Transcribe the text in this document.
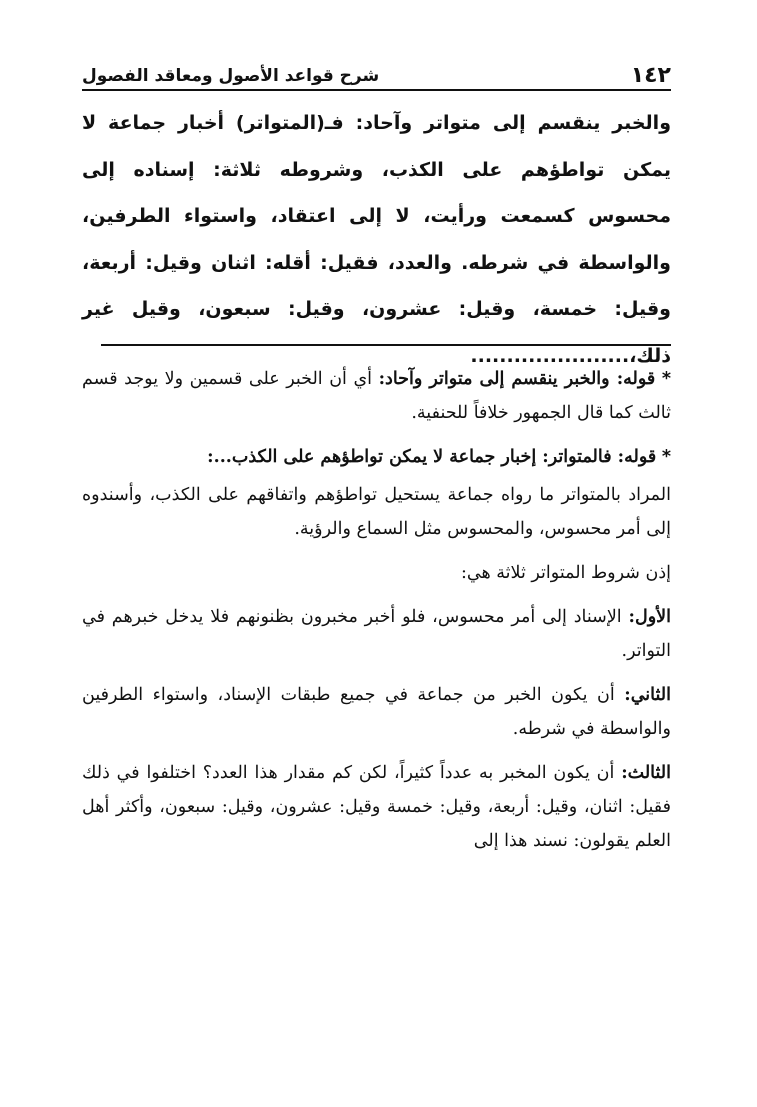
١٤٢
شرح قواعد الأصول ومعاقد الفصول

والخبر ينقسم إلى متواتر وآحاد: فـ(المتواتر) أخبار جماعة لا يمكن تواطؤهم على الكذب، وشروطه ثلاثة: إسناده إلى محسوس كسمعت ورأيت، لا إلى اعتقاد، واستواء الطرفين، والواسطة في شرطه. والعدد، فقيل: أقله: اثنان وقيل: أربعة، وقيل: خمسة، وقيل: عشرون، وقيل: سبعون، وقيل غير ذلك،......................

* قوله: والخبر ينقسم إلى متواتر وآحاد: أي أن الخبر على قسمين ولا يوجد قسم ثالث كما قال الجمهور خلافاً للحنفية.

* قوله: فالمتواتر: إخبار جماعة لا يمكن تواطؤهم على الكذب...:

المراد بالمتواتر ما رواه جماعة يستحيل تواطؤهم واتفاقهم على الكذب، وأسندوه إلى أمر محسوس، والمحسوس مثل السماع والرؤية.

إذن شروط المتواتر ثلاثة هي:

الأول: الإسناد إلى أمر محسوس، فلو أخبر مخبرون بظنونهم فلا يدخل خبرهم في التواتر.

الثاني: أن يكون الخبر من جماعة في جميع طبقات الإسناد، واستواء الطرفين والواسطة في شرطه.

الثالث: أن يكون المخبر به عدداً كثيراً، لكن كم مقدار هذا العدد؟ اختلفوا في ذلك فقيل: اثنان، وقيل: أربعة، وقيل: خمسة وقيل: عشرون، وقيل: سبعون، وأكثر أهل العلم يقولون: نسند هذا إلى
